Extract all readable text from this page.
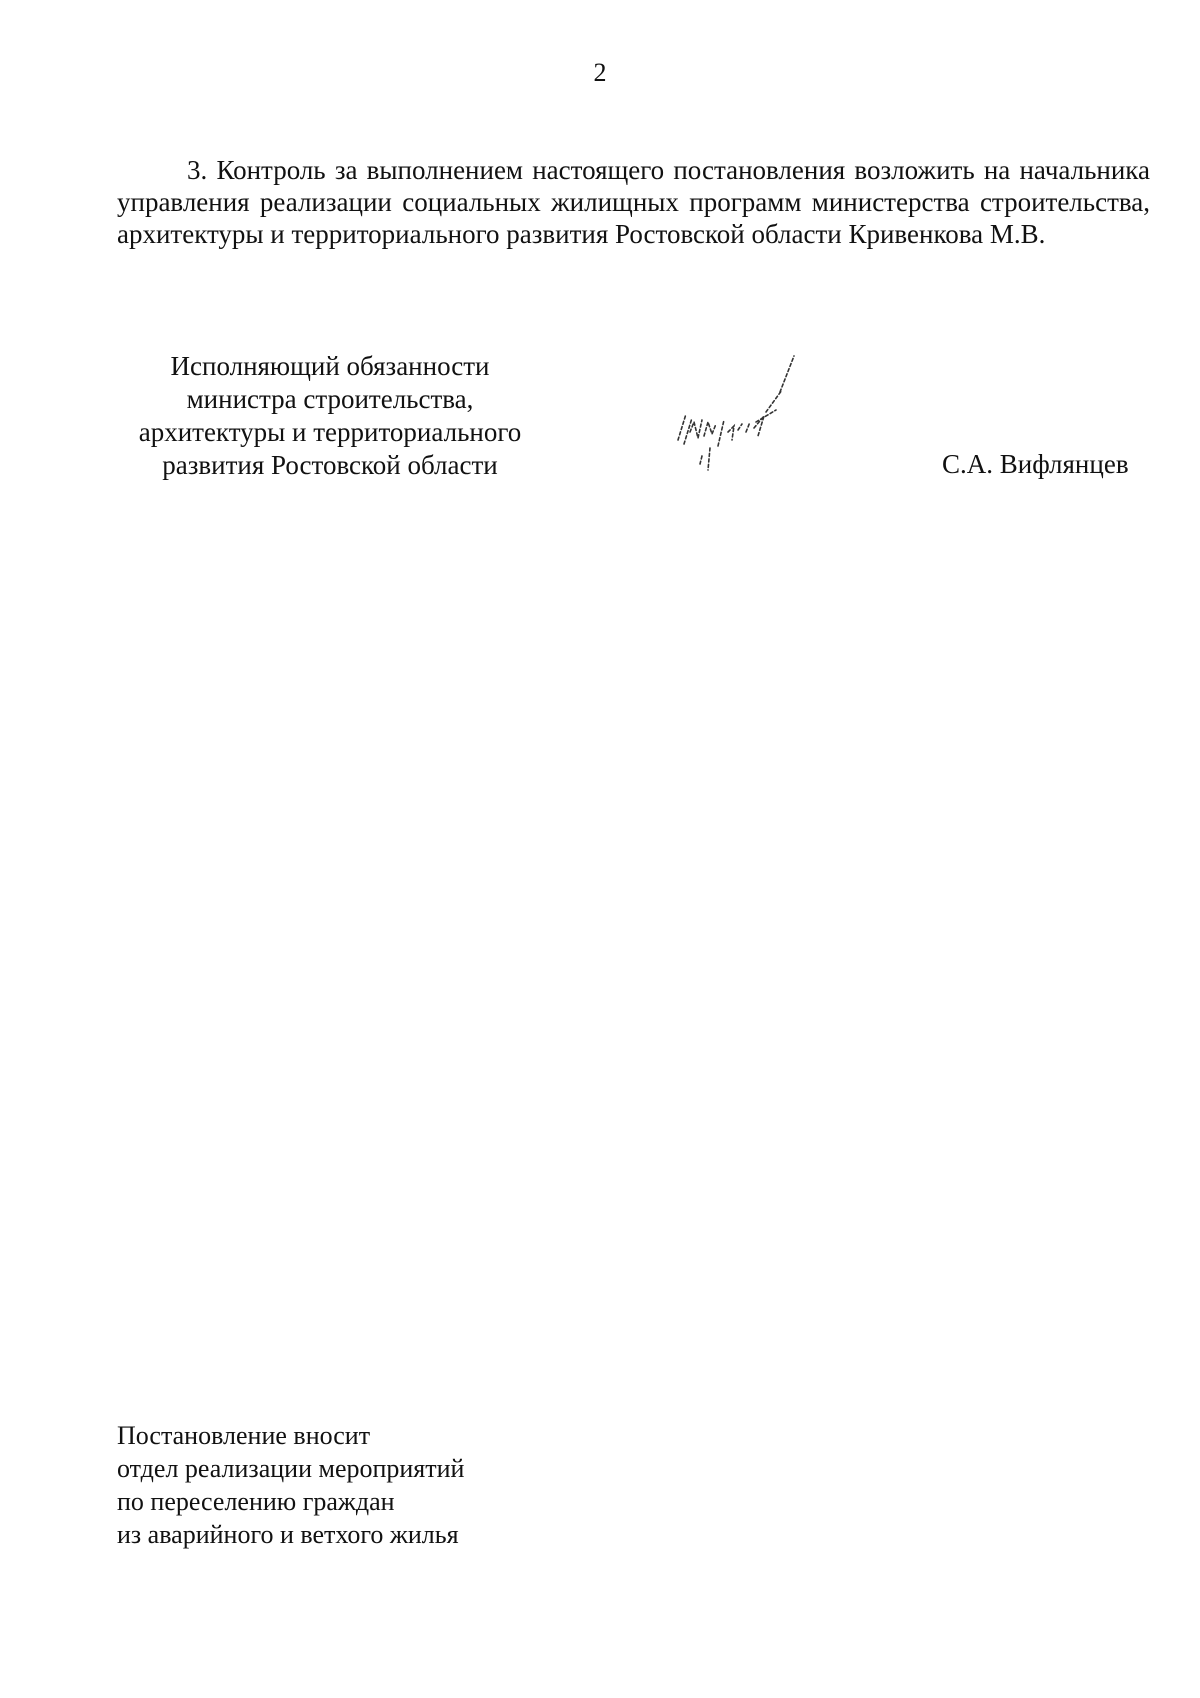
2

3. Контроль за выполнением настоящего постановления возложить на начальника управления реализации социальных жилищных программ министерства строительства, архитектуры и территориального развития Ростовской области Кривенкова М.В.

Исполняющий обязанности
министра строительства,
архитектуры и территориального
развития Ростовской области	С.А. Вифлянцев
Постановление вносит
отдел реализации мероприятий
по переселению граждан
из аварийного и ветхого жилья
